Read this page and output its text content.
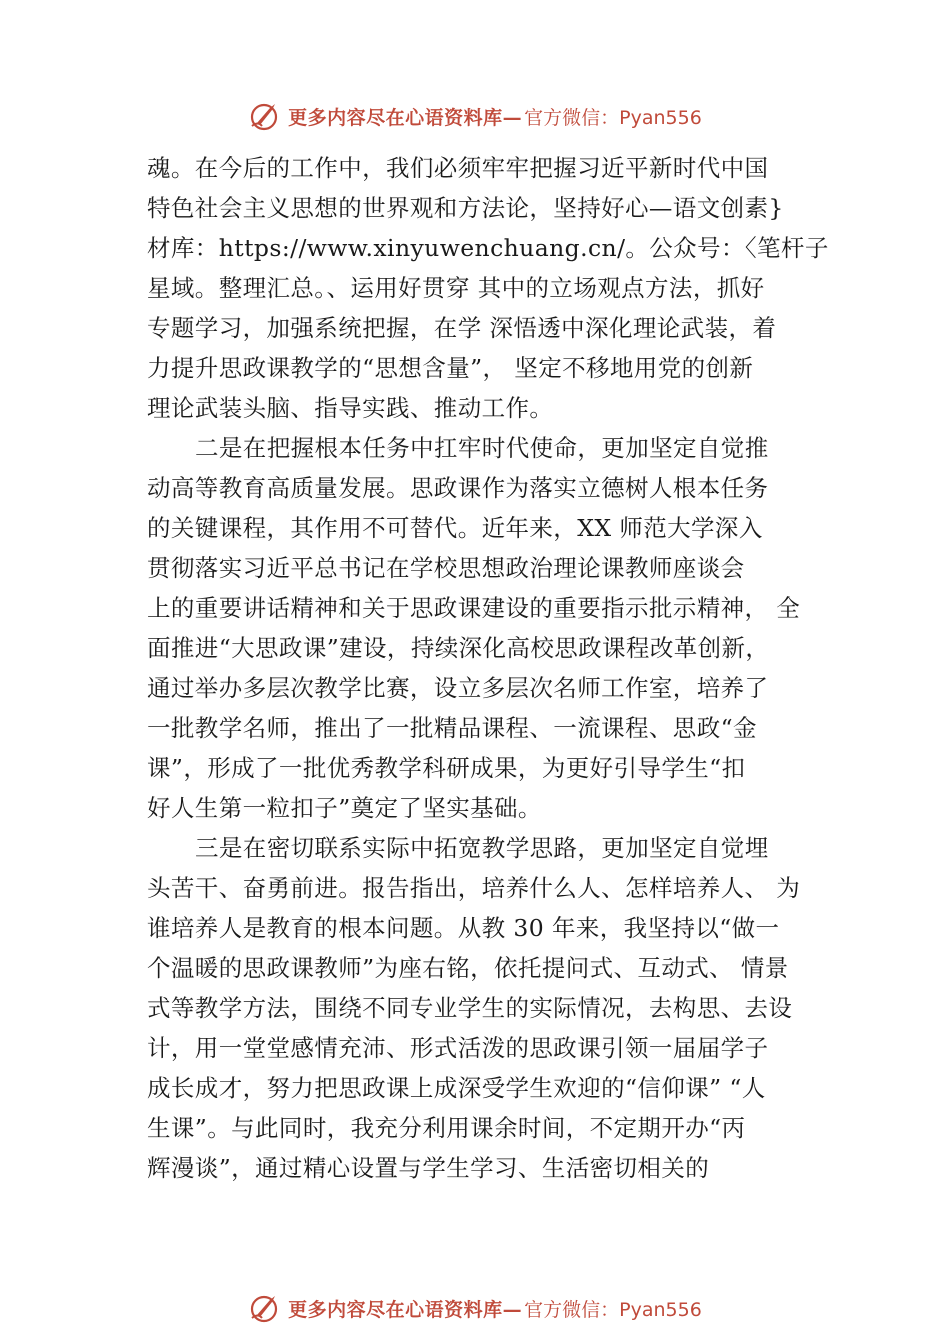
更多内容尽在心语资料库— 官方微信：Pyan556
魂。在今后的工作中，我们必须牢牢把握习近平新时代中国
特色社会主义思想的世界观和方法论，坚持好心—语文创素}
材库：https://www.xinyuwenchuang.cn/。公众号：〈笔杆子
星域。整理汇总。、运用好贯穿 其中的立场观点方法，抓好
专题学习，加强系统把握，在学 深悟透中深化理论武装，着
力提升思政课教学的“思想含量”， 坚定不移地用党的创新
理论武装头脑、指导实践、推动工作。
二是在把握根本任务中扛牢时代使命，更加坚定自觉推
动高等教育高质量发展。思政课作为落实立德树人根本任务
的关键课程，其作用不可替代。近年来，XX 师范大学深入
贯彻落实习近平总书记在学校思想政治理论课教师座谈会
上的重要讲话精神和关于思政课建设的重要指示批示精神， 全
面推进“大思政课”建设，持续深化高校思政课程改革创新，
通过举办多层次教学比赛，设立多层次名师工作室，培养了
一批教学名师，推出了一批精品课程、一流课程、思政“金
课”，形成了一批优秀教学科研成果，为更好引导学生“扣
好人生第一粒扣子”奠定了坚实基础。
三是在密切联系实际中拓宽教学思路，更加坚定自觉埋
头苦干、奋勇前进。报告指出，培养什么人、怎样培养人、 为
谁培养人是教育的根本问题。从教 30 年来，我坚持以“做一
个温暖的思政课教师”为座右铭，依托提问式、互动式、 情景
式等教学方法，围绕不同专业学生的实际情况，去构思、去设
计，用一堂堂感情充沛、形式活泼的思政课引领一届届学子
成长成才，努力把思政课上成深受学生欢迎的“信仰课” “人
生课”。与此同时，我充分利用课余时间，不定期开办“丙
辉漫谈”，通过精心设置与学生学习、生活密切相关的
更多内容尽在心语资料库— 官方微信：Pyan556
